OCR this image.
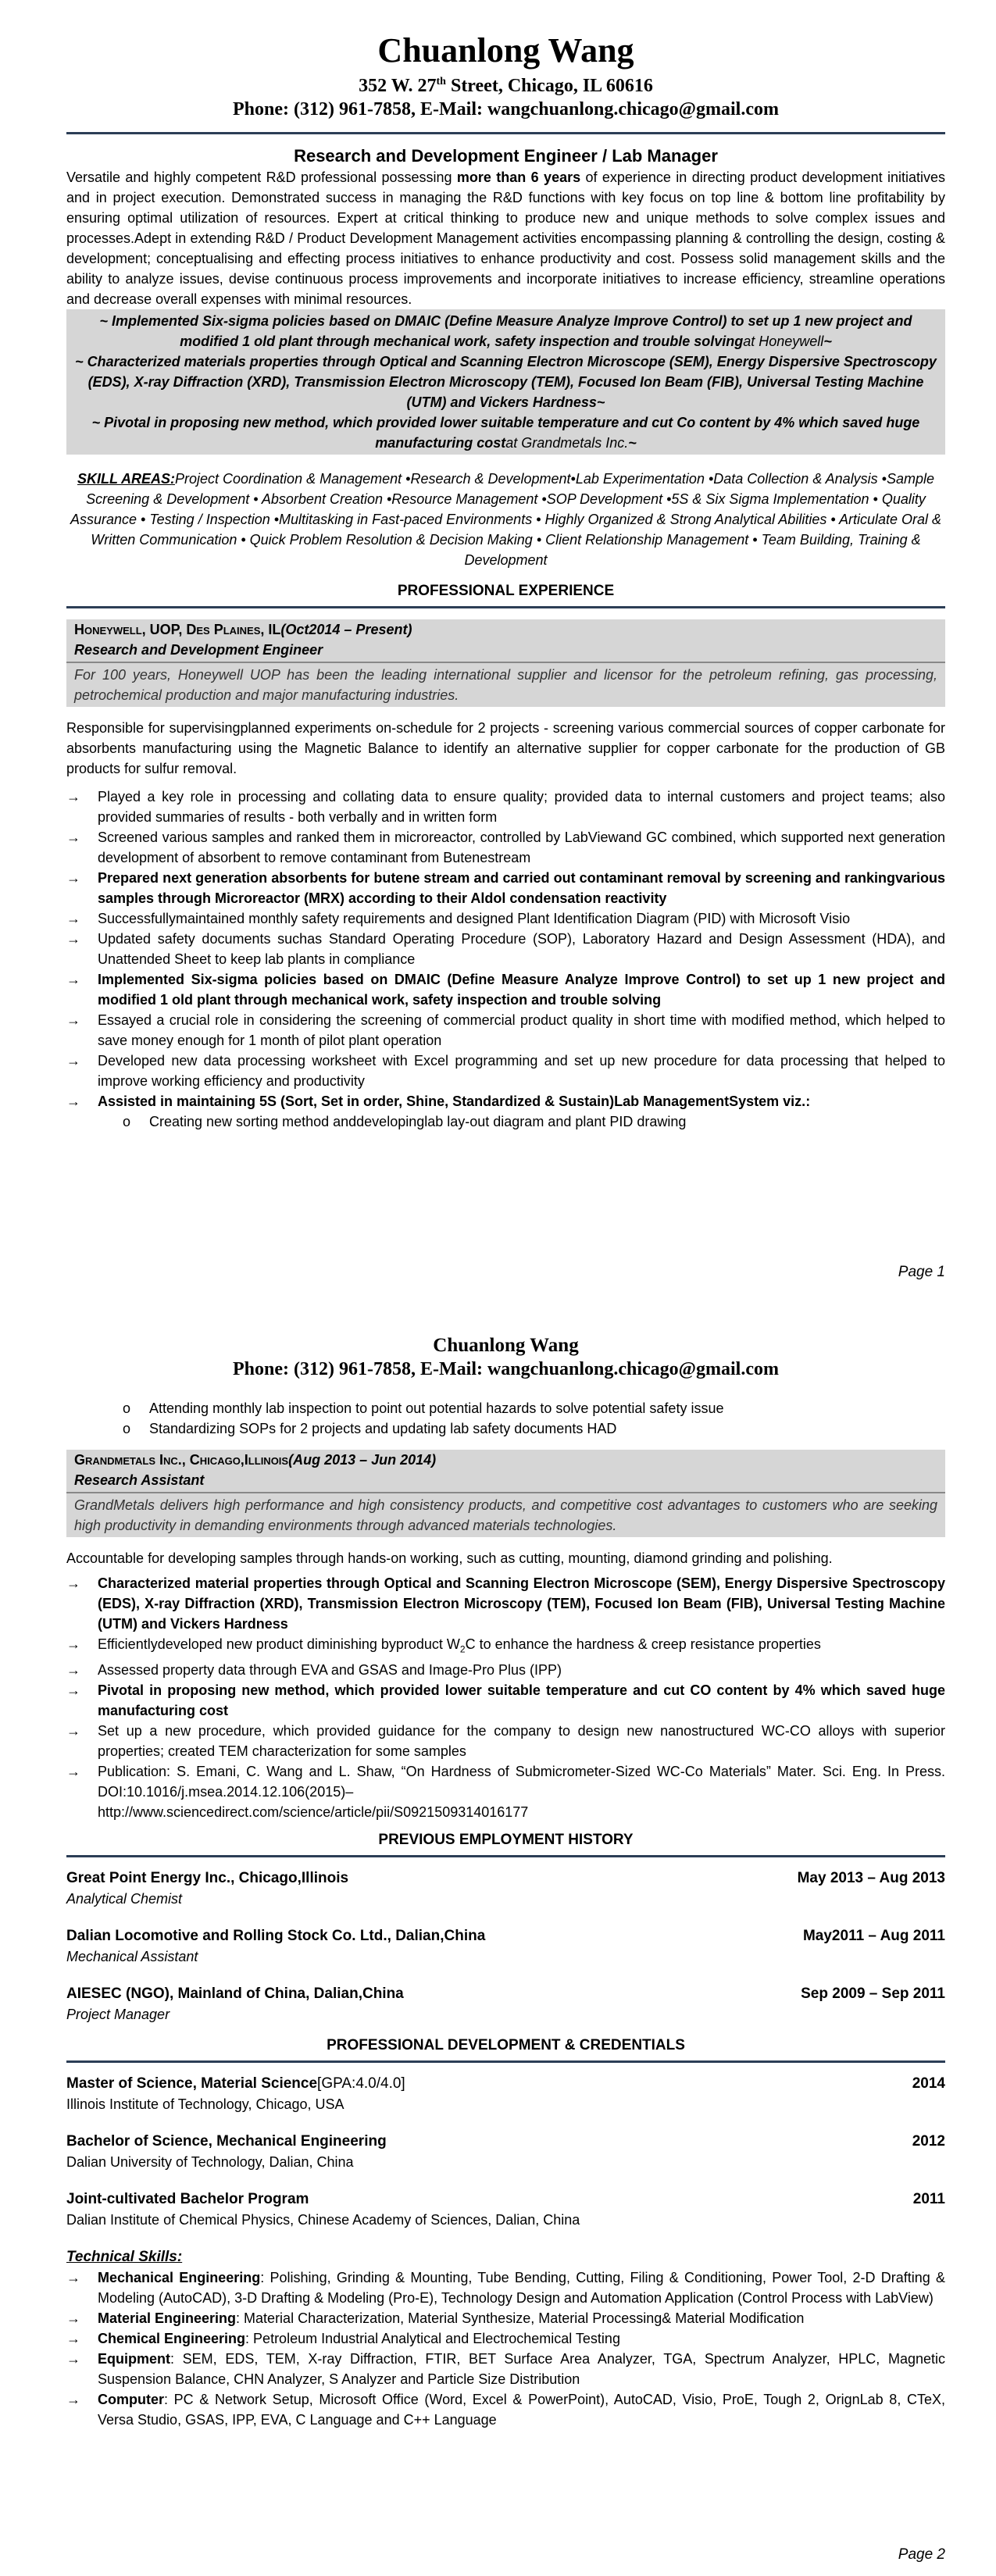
Chuanlong Wang
352 W. 27th Street, Chicago, IL 60616
Phone: (312) 961-7858, E-Mail: wangchuanlong.chicago@gmail.com
Research and Development Engineer / Lab Manager

Versatile and highly competent R&D professional possessing more than 6 years of experience in directing product development initiatives and in project execution. Demonstrated success in managing the R&D functions with key focus on top line & bottom line profitability by ensuring optimal utilization of resources. Expert at critical thinking to produce new and unique methods to solve complex issues and processes.Adept in extending R&D / Product Development Management activities encompassing planning & controlling the design, costing & development; conceptualising and effecting process initiatives to enhance productivity and cost. Possess solid management skills and the ability to analyze issues, devise continuous process improvements and incorporate initiatives to increase efficiency, streamline operations and decrease overall expenses with minimal resources.

~ Implemented Six-sigma policies based on DMAIC (Define Measure Analyze Improve Control) to set up 1 new project and modified 1 old plant through mechanical work, safety inspection and trouble solvingat Honeywell~
~ Characterized materials properties through Optical and Scanning Electron Microscope (SEM), Energy Dispersive Spectroscopy (EDS), X-ray Diffraction (XRD), Transmission Electron Microscopy (TEM), Focused Ion Beam (FIB), Universal Testing Machine (UTM) and Vickers Hardness~
~ Pivotal in proposing new method, which provided lower suitable temperature and cut Co content by 4% which saved huge manufacturing costat Grandmetals Inc.~
SKILL AREAS:Project Coordination & Management •Research & Development•Lab Experimentation •Data Collection & Analysis •Sample Screening & Development • Absorbent Creation •Resource Management •SOP Development •5S & Six Sigma Implementation • Quality Assurance • Testing / Inspection •Multitasking in Fast-paced Environments • Highly Organized & Strong Analytical Abilities • Articulate Oral & Written Communication • Quick Problem Resolution & Decision Making • Client Relationship Management • Team Building, Training & Development
PROFESSIONAL EXPERIENCE
Honeywell, UOP, Des Plaines, IL(Oct2014 – Present)
Research and Development Engineer
For 100 years, Honeywell UOP has been the leading international supplier and licensor for the petroleum refining, gas processing, petrochemical production and major manufacturing industries.

Responsible for supervisingplanned experiments on-schedule for 2 projects - screening various commercial sources of copper carbonate for absorbents manufacturing using the Magnetic Balance to identify an alternative supplier for copper carbonate for the production of GB products for sulfur removal.

→ Played a key role in processing and collating data to ensure quality; provided data to internal customers and project teams; also provided summaries of results - both verbally and in written form
→ Screened various samples and ranked them in microreactor, controlled by LabViewand GC combined, which supported next generation development of absorbent to remove contaminant from Butenestream
→ Prepared next generation absorbents for butene stream and carried out contaminant removal by screening and rankingvarious samples through Microreactor (MRX) according to their Aldol condensation reactivity
→ Successfullymaintained monthly safety requirements and designed Plant Identification Diagram (PID) with Microsoft Visio
→ Updated safety documents suchas Standard Operating Procedure (SOP), Laboratory Hazard and Design Assessment (HDA), and Unattended Sheet to keep lab plants in compliance
→ Implemented Six-sigma policies based on DMAIC (Define Measure Analyze Improve Control) to set up 1 new project and modified 1 old plant through mechanical work, safety inspection and trouble solving
→ Essayed a crucial role in considering the screening of commercial product quality in short time with modified method, which helped to save money enough for 1 month of pilot plant operation
→ Developed new data processing worksheet with Excel programming and set up new procedure for data processing that helped to improve working efficiency and productivity
→ Assisted in maintaining 5S (Sort, Set in order, Shine, Standardized & Sustain)Lab ManagementSystem viz.:
o Creating new sorting method anddevelopinglab lay-out diagram and plant PID drawing
Page 1
Chuanlong Wang
Phone: (312) 961-7858, E-Mail: wangchuanlong.chicago@gmail.com
o Attending monthly lab inspection to point out potential hazards to solve potential safety issue
o Standardizing SOPs for 2 projects and updating lab safety documents HAD
Grandmetals Inc., Chicago,Illinois(Aug 2013 – Jun 2014)
Research Assistant
GrandMetals delivers high performance and high consistency products, and competitive cost advantages to customers who are seeking high productivity in demanding environments through advanced materials technologies.

Accountable for developing samples through hands-on working, such as cutting, mounting, diamond grinding and polishing.

→ Characterized material properties through Optical and Scanning Electron Microscope (SEM), Energy Dispersive Spectroscopy (EDS), X-ray Diffraction (XRD), Transmission Electron Microscopy (TEM), Focused Ion Beam (FIB), Universal Testing Machine (UTM) and Vickers Hardness
→ Efficientlydeveloped new product diminishing byproduct $W_2C$ to enhance the hardness & creep resistance properties
→ Assessed property data through EVA and GSAS and Image-Pro Plus (IPP)
→ Pivotal in proposing new method, which provided lower suitable temperature and cut CO content by 4% which saved huge manufacturing cost
→ Set up a new procedure, which provided guidance for the company to design new nanostructured WC-CO alloys with superior properties; created TEM characterization for some samples
→ Publication: S. Emani, C. Wang and L. Shaw, “On Hardness of Submicrometer-Sized WC-Co Materials” Mater. Sci. Eng. In Press. DOI:10.1016/j.msea.2014.12.106(2015)–
http://www.sciencedirect.com/science/article/pii/S0921509314016177
PREVIOUS EMPLOYMENT HISTORY
Great Point Energy Inc., Chicago,Illinois	May 2013 – Aug 2013
Analytical Chemist
Dalian Locomotive and Rolling Stock Co. Ltd., Dalian,China	May2011 – Aug 2011
Mechanical Assistant
AIESEC (NGO), Mainland of China, Dalian,China	Sep 2009 – Sep 2011
Project Manager
PROFESSIONAL DEVELOPMENT & CREDENTIALS
Master of Science, Material Science[GPA:4.0/4.0]	2014
Illinois Institute of Technology, Chicago, USA
Bachelor of Science, Mechanical Engineering	2012
Dalian University of Technology, Dalian, China
Joint-cultivated Bachelor Program	2011
Dalian Institute of Chemical Physics, Chinese Academy of Sciences, Dalian, China
Technical Skills:
→ Mechanical Engineering: Polishing, Grinding & Mounting, Tube Bending, Cutting, Filing & Conditioning, Power Tool, 2-D Drafting & Modeling (AutoCAD), 3-D Drafting & Modeling (Pro-E), Technology Design and Automation Application (Control Process with LabView)
→ Material Engineering: Material Characterization, Material Synthesize, Material Processing& Material Modification
→ Chemical Engineering: Petroleum Industrial Analytical and Electrochemical Testing
→ Equipment: SEM, EDS, TEM, X-ray Diffraction, FTIR, BET Surface Area Analyzer, TGA, Spectrum Analyzer, HPLC, Magnetic Suspension Balance, CHN Analyzer, S Analyzer and Particle Size Distribution
→ Computer: PC & Network Setup, Microsoft Office (Word, Excel & PowerPoint), AutoCAD, Visio, ProE, Tough 2, OrignLab 8, CTeX, Versa Studio, GSAS, IPP, EVA, C Language and C++ Language
Page 2
